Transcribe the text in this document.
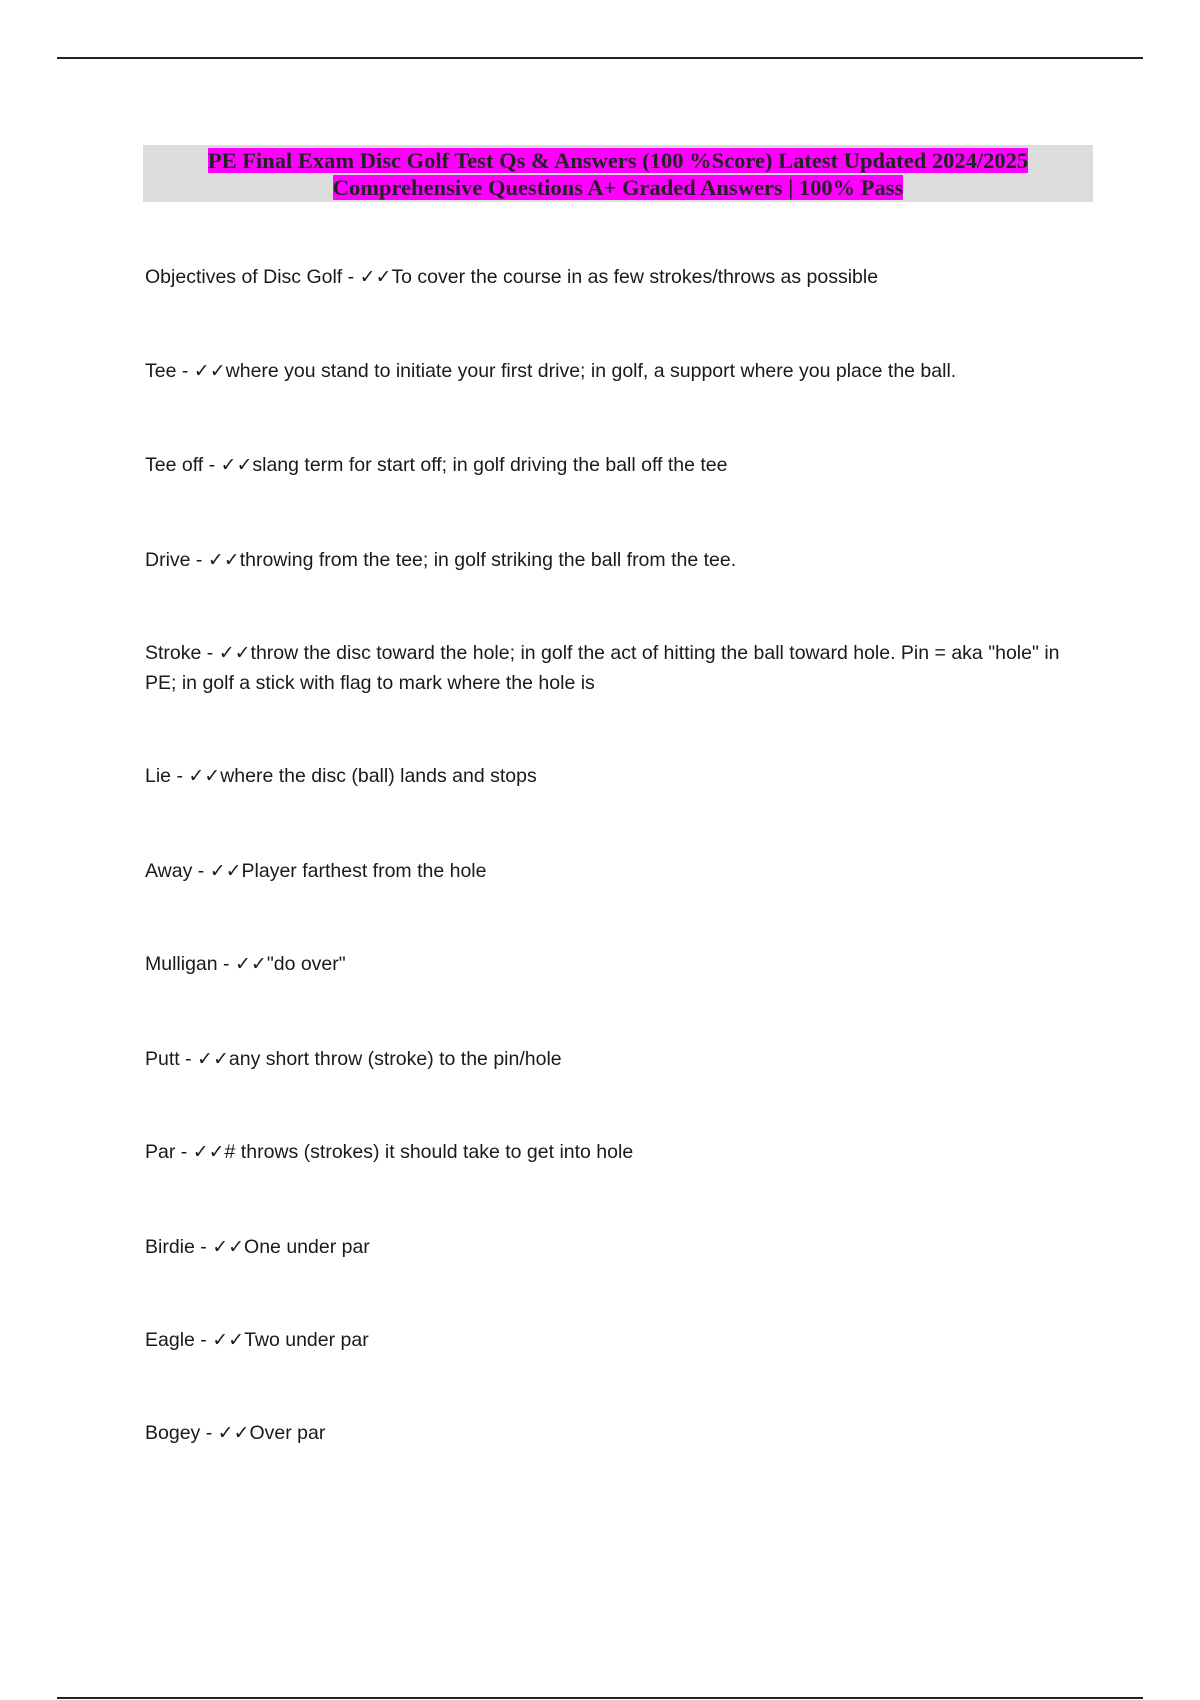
PE Final Exam Disc Golf Test Qs & Answers (100 %Score) Latest Updated 2024/2025
Comprehensive Questions A+ Graded Answers | 100% Pass
Objectives of Disc Golf - ✓✓To cover the course in as few strokes/throws as possible
Tee - ✓✓where you stand to initiate your first drive; in golf, a support where you place the ball.
Tee off - ✓✓slang term for start off; in golf driving the ball off the tee
Drive - ✓✓throwing from the tee; in golf striking the ball from the tee.
Stroke - ✓✓throw the disc toward the hole; in golf the act of hitting the ball toward hole. Pin = aka "hole" in PE; in golf a stick with flag to mark where the hole is
Lie - ✓✓where the disc (ball) lands and stops
Away - ✓✓Player farthest from the hole
Mulligan - ✓✓"do over"
Putt - ✓✓any short throw (stroke) to the pin/hole
Par - ✓✓# throws (strokes) it should take to get into hole
Birdie - ✓✓One under par
Eagle - ✓✓Two under par
Bogey - ✓✓Over par
